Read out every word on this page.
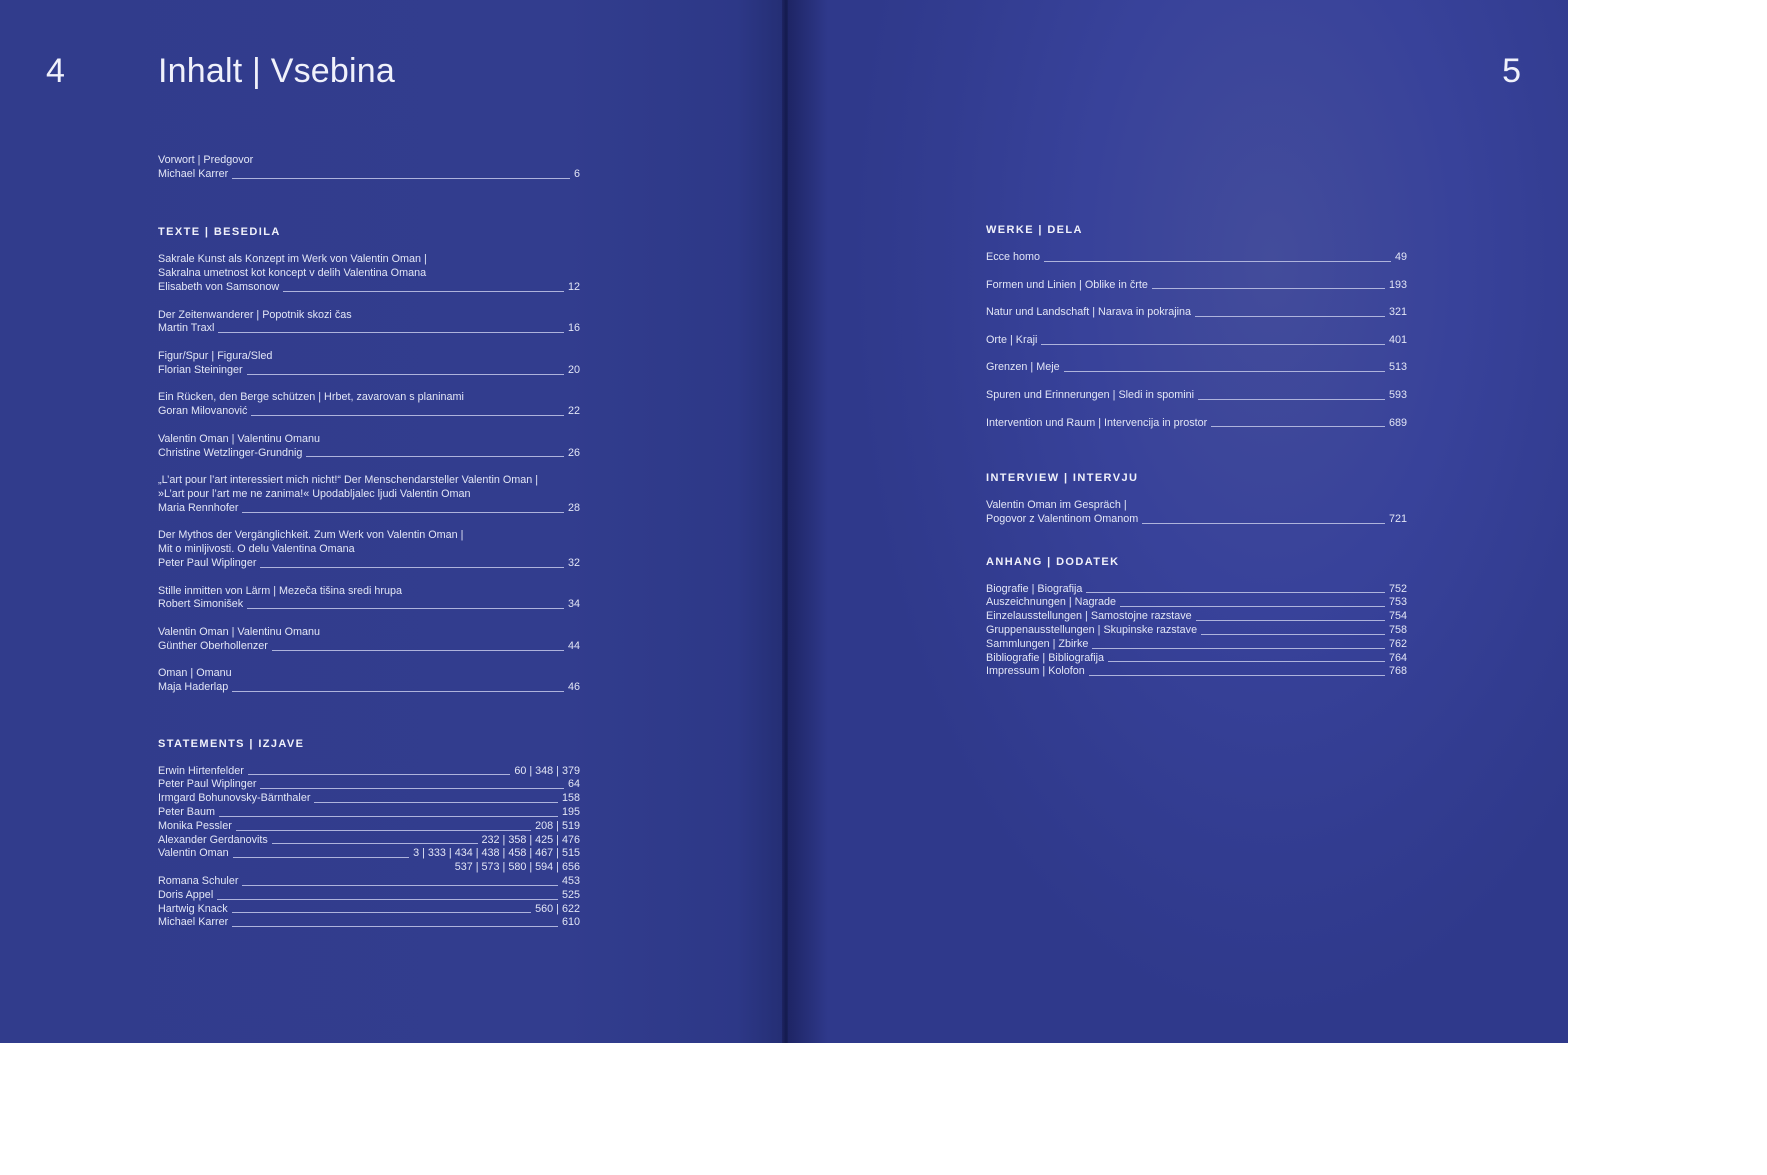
4	Inhalt | Vsebina
Vorwort | Predgovor
Michael Karrer	6
TEXTE | BESEDILA
Sakrale Kunst als Konzept im Werk von Valentin Oman |
Sakralna umetnost kot koncept v delih Valentina Omana
Elisabeth von Samsonow	12
Der Zeitenwanderer | Popotnik skozi čas
Martin Traxl	16
Figur/Spur | Figura/Sled
Florian Steininger	20
Ein Rücken, den Berge schützen | Hrbet, zavarovan s planinami
Goran Milovanović	22
Valentin Oman | Valentinu Omanu
Christine Wetzlinger-Grundnig	26
„L’art pour l’art interessiert mich nicht!“ Der Menschendarsteller Valentin Oman |
»L’art pour l’art me ne zanima!« Upodabljalec ljudi Valentin Oman
Maria Rennhofer	28
Der Mythos der Vergänglichkeit. Zum Werk von Valentin Oman |
Mit o minljivosti. O delu Valentina Omana
Peter Paul Wiplinger	32
Stille inmitten von Lärm | Mezeča tišina sredi hrupa
Robert Simonišek	34
Valentin Oman | Valentinu Omanu
Günther Oberhollenzer	44
Oman | Omanu
Maja Haderlap	46
STATEMENTS | IZJAVE
Erwin Hirtenfelder	60 | 348 | 379
Peter Paul Wiplinger	64
Irmgard Bohunovsky-Bärnthaler	158
Peter Baum	195
Monika Pessler	208 | 519
Alexander Gerdanovits	232 | 358 | 425 | 476
Valentin Oman	3 | 333 | 434 | 438 | 458 | 467 | 515
537 | 573 | 580 | 594 | 656
Romana Schuler	453
Doris Appel	525
Hartwig Knack	560 | 622
Michael Karrer	610
5
WERKE | DELA
Ecce homo	49
Formen und Linien | Oblike in črte	193
Natur und Landschaft | Narava in pokrajina	321
Orte | Kraji	401
Grenzen | Meje	513
Spuren und Erinnerungen | Sledi in spomini	593
Intervention und Raum | Intervencija in prostor	689
INTERVIEW | INTERVJU
Valentin Oman im Gespräch |
Pogovor z Valentinom Omanom	721
ANHANG | DODATEK
Biografie | Biografija	752
Auszeichnungen | Nagrade	753
Einzelausstellungen | Samostojne razstave	754
Gruppenausstellungen | Skupinske razstave	758
Sammlungen | Zbirke	762
Bibliografie | Bibliografija	764
Impressum | Kolofon	768
